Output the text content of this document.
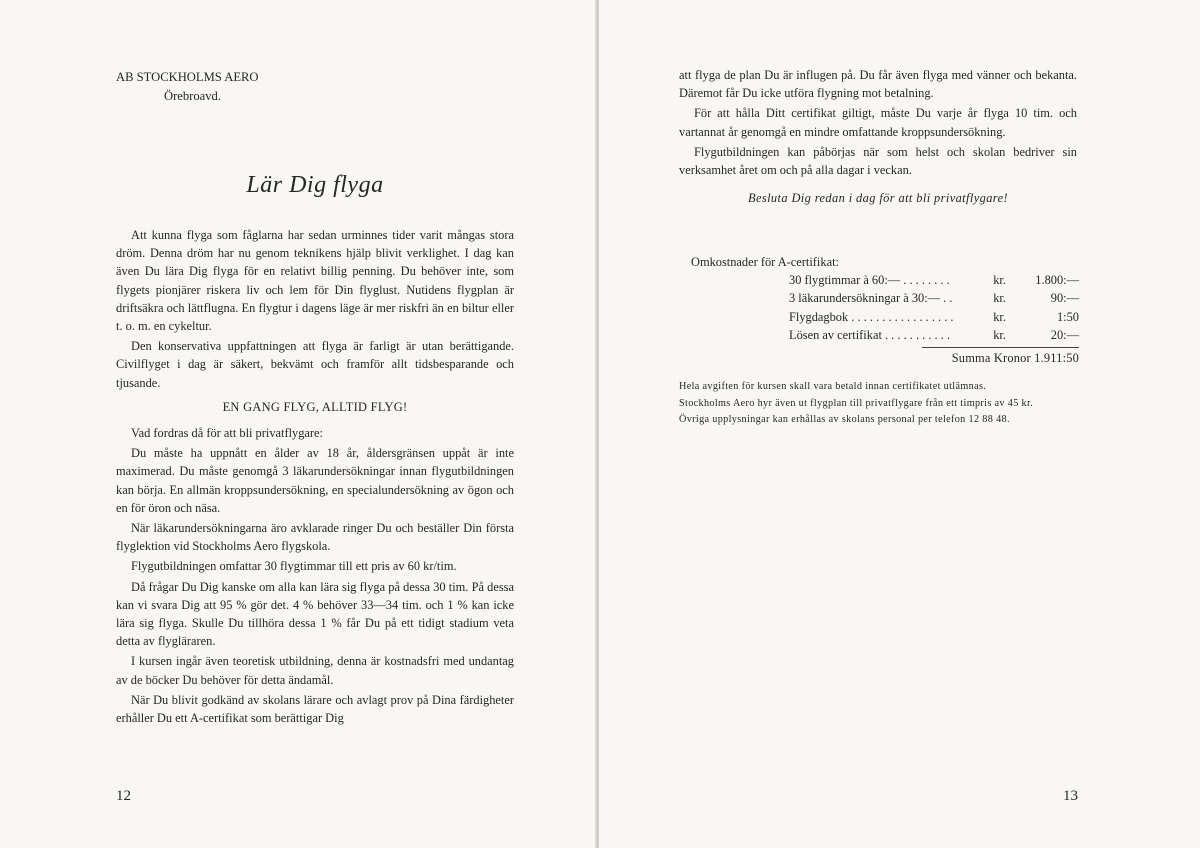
AB STOCKHOLMS AERO
Örebroavd.
Lär Dig flyga

Att kunna flyga som fåglarna har sedan urminnes tider varit mångas stora dröm. Denna dröm har nu genom teknikens hjälp blivit verklighet. I dag kan även Du lära Dig flyga för en relativt billig penning. Du behöver inte, som flygets pionjärer riskera liv och lem för Din flyglust. Nutidens flygplan är driftsäkra och lättflugna. En flygtur i dagens läge är mer riskfri än en biltur eller t. o. m. en cykeltur.

Den konservativa uppfattningen att flyga är farligt är utan berättigande. Civilflyget i dag är säkert, bekvämt och framför allt tidsbesparande och tjusande.

EN GANG FLYG, ALLTID FLYG!

Vad fordras då för att bli privatflygare:

Du måste ha uppnått en ålder av 18 år, åldersgränsen uppåt är inte maximerad. Du måste genomgå 3 läkarundersökningar innan flygutbildningen kan börja. En allmän kroppsundersökning, en specialundersökning av ögon och en för öron och näsa.

När läkarundersökningarna äro avklarade ringer Du och beställer Din första flyglektion vid Stockholms Aero flygskola.

Flygutbildningen omfattar 30 flygtimmar till ett pris av 60 kr/tim.

Då frågar Du Dig kanske om alla kan lära sig flyga på dessa 30 tim. På dessa kan vi svara Dig att 95 % gör det. 4 % behöver 33—34 tim. och 1 % kan icke lära sig flyga. Skulle Du tillhöra dessa 1 % får Du på ett tidigt stadium veta detta av flygläraren.

I kursen ingår även teoretisk utbildning, denna är kostnadsfri med undantag av de böcker Du behöver för detta ändamål.

När Du blivit godkänd av skolans lärare och avlagt prov på Dina färdigheter erhåller Du ett A-certifikat som berättigar Dig

12

att flyga de plan Du är influgen på. Du får även flyga med vänner och bekanta. Däremot får Du icke utföra flygning mot betalning.

För att hålla Ditt certifikat giltigt, måste Du varje år flyga 10 tim. och vartannat år genomgå en mindre omfattande kroppsundersökning.

Flygutbildningen kan påbörjas när som helst och skolan bedriver sin verksamhet året om och på alla dagar i veckan.

Besluta Dig redan i dag för att bli privatflygare!

Omkostnader för A-certifikat:
30 flygtimmar à 60:— . . . . . . . .	kr.	1.800:—
3 läkarundersökningar à 30:— . .	kr.	90:—
Flygdagbok . . . . . . . . . . . . . . . . .	kr.	1:50
Lösen av certifikat . . . . . . . . . . .	kr.	20:—
Summa Kronor 1.911:50

Hela avgiften för kursen skall vara betald innan certifikatet utlämnas.

Stockholms Aero hyr även ut flygplan till privatflygare från ett timpris av 45 kr.

Övriga upplysningar kan erhållas av skolans personal per telefon 12 88 48.

13
